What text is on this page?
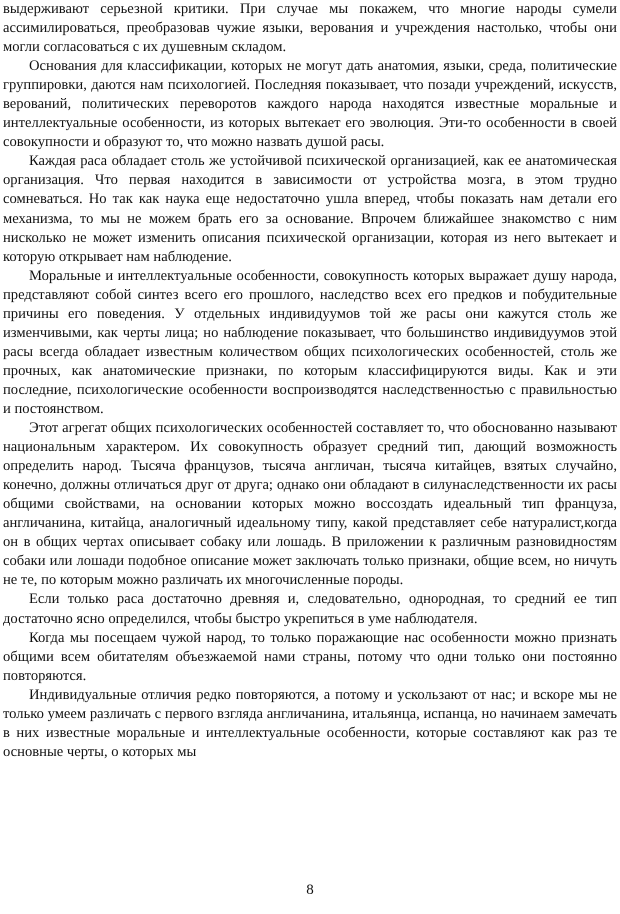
выдерживают серьезной критики. При случае мы покажем, что многие народы сумели ассимилироваться, преобразовав чужие языки, верования и учреждения настолько, чтобы они могли согласоваться с их душевным складом.

Основания для классификации, которых не могут дать анатомия, языки, среда, политические группировки, даются нам психологией. Последняя показывает, что позади учреждений, искусств, верований, политических переворотов каждого народа находятся известные моральные и интеллектуальные особенности, из которых вытекает его эволюция. Эти-то особенности в своей совокупности и образуют то, что можно назвать душой расы.

Каждая раса обладает столь же устойчивой психической организацией, как ее анатомическая организация. Что первая находится в зависимости от устройства мозга, в этом трудно сомневаться. Но так как наука еще недостаточно ушла вперед, чтобы показать нам детали его механизма, то мы не можем брать его за основание. Впрочем ближайшее знакомство с ним нисколько не может изменить описания психической организации, которая из него вытекает и которую открывает нам наблюдение.

Моральные и интеллектуальные особенности, совокупность которых выражает душу народа, представляют собой синтез всего его прошлого, наследство всех его предков и побудительные причины его поведения. У отдельных индивидуумов той же расы они кажутся столь же изменчивыми, как черты лица; но наблюдение показывает, что большинство индивидуумов этой расы всегда обладает известным количеством общих психологических особенностей, столь же прочных, как анатомические признаки, по которым классифицируются виды. Как и эти последние, психологические особенности воспроизводятся наследственностью с правильностью и постоянством.

Этот агрегат общих психологических особенностей составляет то, что обоснованно называют национальным характером. Их совокупность образует средний тип, дающий возможность определить народ. Тысяча французов, тысяча англичан, тысяча китайцев, взятых случайно, конечно, должны отличаться друг от друга; однако они обладают в силунаследственности их расы общими свойствами, на основании которых можно воссоздать идеальный тип француза, англичанина, китайца, аналогичный идеальному типу, какой представляет себе натуралист,когда он в общих чертах описывает собаку или лошадь. В приложении к различным разновидностям собаки или лошади подобное описание может заключать только признаки, общие всем, но ничуть не те, по которым можно различать их многочисленные породы.

Если только раса достаточно древняя и, следовательно, однородная, то средний ее тип достаточно ясно определился, чтобы быстро укрепиться в уме наблюдателя.

Когда мы посещаем чужой народ, то только поражающие нас особенности можно признать общими всем обитателям объезжаемой нами страны, потому что одни только они постоянно повторяются.

Индивидуальные отличия редко повторяются, а потому и ускользают от нас; и вскоре мы не только умеем различать с первого взгляда англичанина, итальянца, испанца, но начинаем замечать в них известные моральные и интеллектуальные особенности, которые составляют как раз те основные черты, о которых мы

8
